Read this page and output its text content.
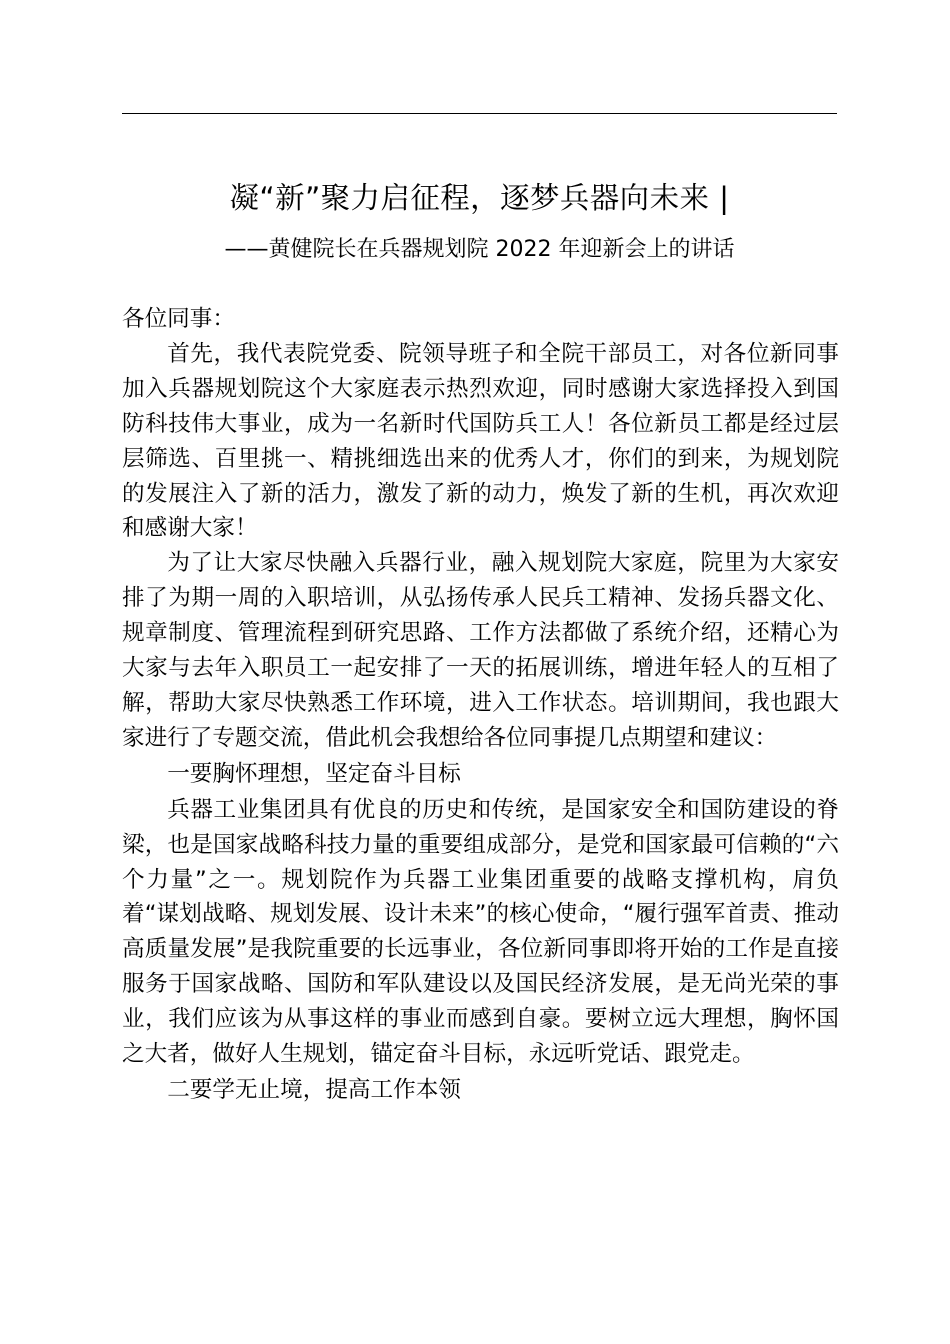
凝“新”聚力启征程，逐梦兵器向未来 |
——黄健院长在兵器规划院 2022 年迎新会上的讲话

各位同事：

首先，我代表院党委、院领导班子和全院干部员工，对各位新同事加入兵器规划院这个大家庭表示热烈欢迎，同时感谢大家选择投入到国防科技伟大事业，成为一名新时代国防兵工人！各位新员工都是经过层层筛选、百里挑一、精挑细选出来的优秀人才，你们的到来，为规划院的发展注入了新的活力，激发了新的动力，焕发了新的生机，再次欢迎和感谢大家！

为了让大家尽快融入兵器行业，融入规划院大家庭，院里为大家安排了为期一周的入职培训，从弘扬传承人民兵工精神、发扬兵器文化、规章制度、管理流程到研究思路、工作方法都做了系统介绍，还精心为大家与去年入职员工一起安排了一天的拓展训练，增进年轻人的互相了解，帮助大家尽快熟悉工作环境，进入工作状态。培训期间，我也跟大家进行了专题交流，借此机会我想给各位同事提几点期望和建议：

一要胸怀理想，坚定奋斗目标

兵器工业集团具有优良的历史和传统，是国家安全和国防建设的脊梁，也是国家战略科技力量的重要组成部分，是党和国家最可信赖的“六个力量”之一。规划院作为兵器工业集团重要的战略支撑机构，肩负着“谋划战略、规划发展、设计未来”的核心使命，“履行强军首责、推动高质量发展”是我院重要的长远事业，各位新同事即将开始的工作是直接服务于国家战略、国防和军队建设以及国民经济发展，是无尚光荣的事业，我们应该为从事这样的事业而感到自豪。要树立远大理想，胸怀国之大者，做好人生规划，锚定奋斗目标，永远听党话、跟党走。

二要学无止境，提高工作本领
